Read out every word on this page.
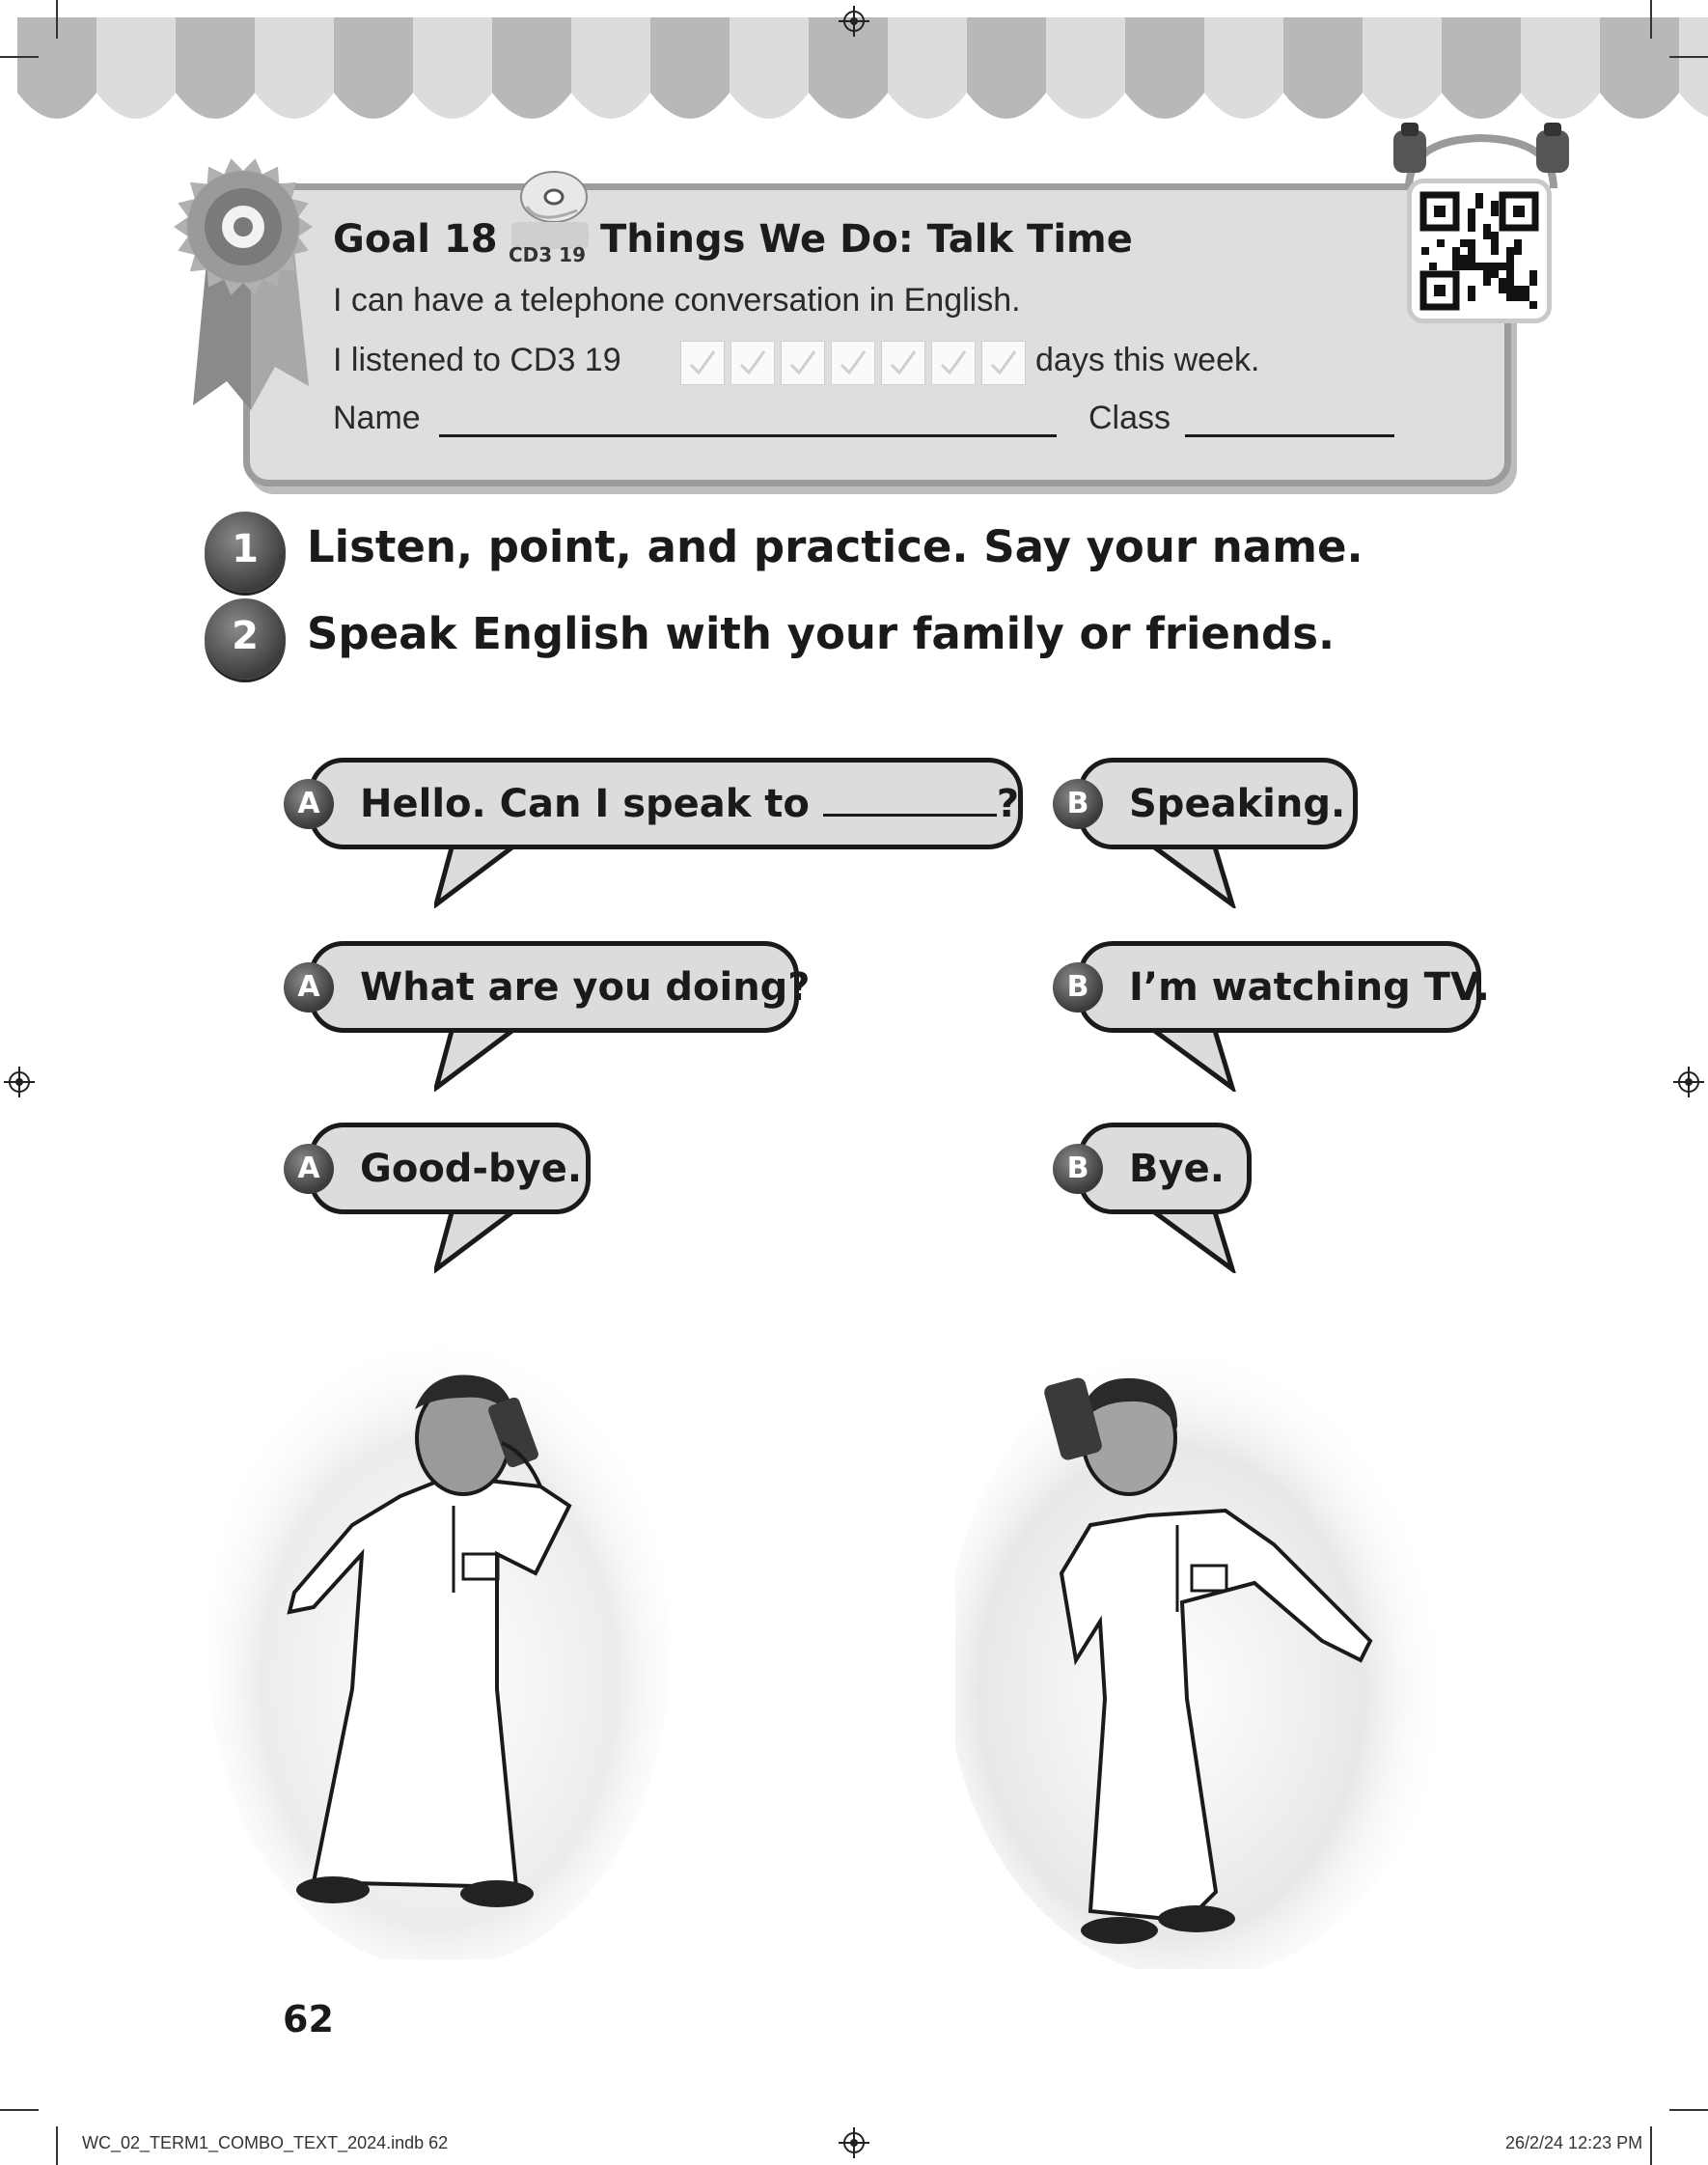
Goal 18 CD3 19 Things We Do: Talk Time
I can have a telephone conversation in English.
I listened to CD3 19	days this week.
Name	Class
1	Listen, point, and practice. Say your name.
2	Speak English with your family or friends.
Hello. Can I speak to	?
A
What are you doing?
A
Good-bye.
A
Speaking.
B
I’m watching TV.
B
Bye.
B
62
WC_02_TERM1_COMBO_TEXT_2024.indb 62	26/2/24 12:23 PM
